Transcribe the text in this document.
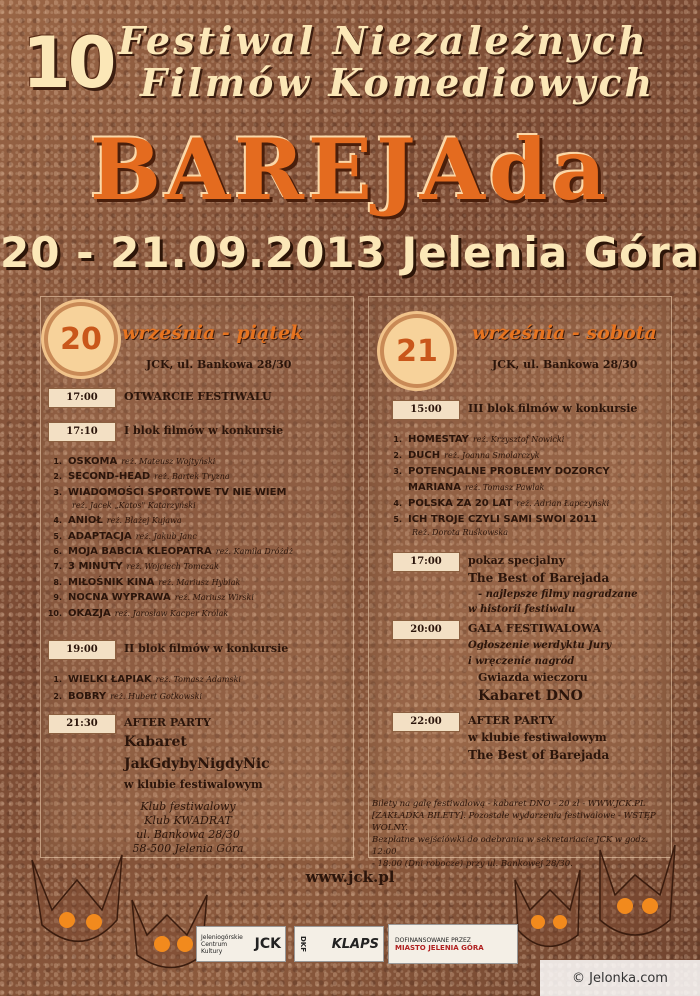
10 Festiwal Niezależnych
Filmów Komediowych
BAREJAda
20 - 21.09.2013 Jelenia Góra
20	września - piątek
JCK, ul. Bankowa 28/30
17:00	OTWARCIE FESTIWALU
17:10	I blok filmów w konkursie
1. OSKOMA reż. Mateusz Wojtyński
2. SECOND-HEAD reż. Bartek Tryzna
3. WIADOMOŚCI SPORTOWE TV NIE WIEM
reż. Jacek „Katos" Katarzyński
4. ANIOŁ reż. Błażej Kujawa
5. ADAPTACJA reż. Jakub Janc
6. MOJA BABCIA KLEOPATRA reż. Kamila Dróżdż
7. 3 MINUTY reż. Wojciech Tomczak
8. MIŁOŚNIK KINA reż. Mariusz Hybiak
9. NOCNA WYPRAWA reż. Mariusz Wirski
10. OKAZJA reż. Jarosław Kacper Królak
19:00	II blok filmów w konkursie
1. WIELKI ŁAPIAK reż. Tomasz Adamski
2. BOBRY reż. Hubert Gotkowski
21:30	AFTER PARTY
Kabaret
JakGdybyNigdyNic
w klubie festiwalowym
Klub festiwalowy
Klub KWADRAT
ul. Bankowa 28/30
58-500 Jelenia Góra
21
września - sobota
JCK, ul. Bankowa 28/30
15:00	III blok filmów w konkursie
1. HOMESTAY reż. Krzysztof Nowicki
2. DUCH reż. Joanna Smolarczyk
3. POTENCJALNE PROBLEMY DOZORCY
MARIANA reż. Tomasz Pawlak
4. POLSKA ZA 20 LAT reż. Adrian Łapczyński
5. ICH TROJE CZYLI SAMI SWOI 2011
Reż. Dorota Ruśkowska
17:00	pokaz specjalny
The Best of Barejada
- najlepsze filmy nagradzane
w historii festiwalu
20:00	GALA FESTIWALOWA
Ogłoszenie werdyktu Jury
i wręczenie nagród
Gwiazda wieczoru
Kabaret DNO
22:00	AFTER PARTY
w klubie festiwalowym
The Best of Barejada
Bilety na galę festiwalową - kabaret DNO - 20 zł - WWW.JCK.PL
[ZAKŁADKA BILETY]. Pozostałe wydarzenia festiwalowe - WSTĘP WOLNY.
Bezpłatne wejściówki do odebrania w sekretariacie JCK w godz. 12:00
- 18:00 (Dni robocze) przy ul. Bankowej 28/30.
www.jck.pl
Jeleniogórskie Centrum Kultury	JCK	DKF KLAPS	DOFINANSOWANE PRZEZ
MIASTO JELENIA GÓRA
© Jelonka.com
